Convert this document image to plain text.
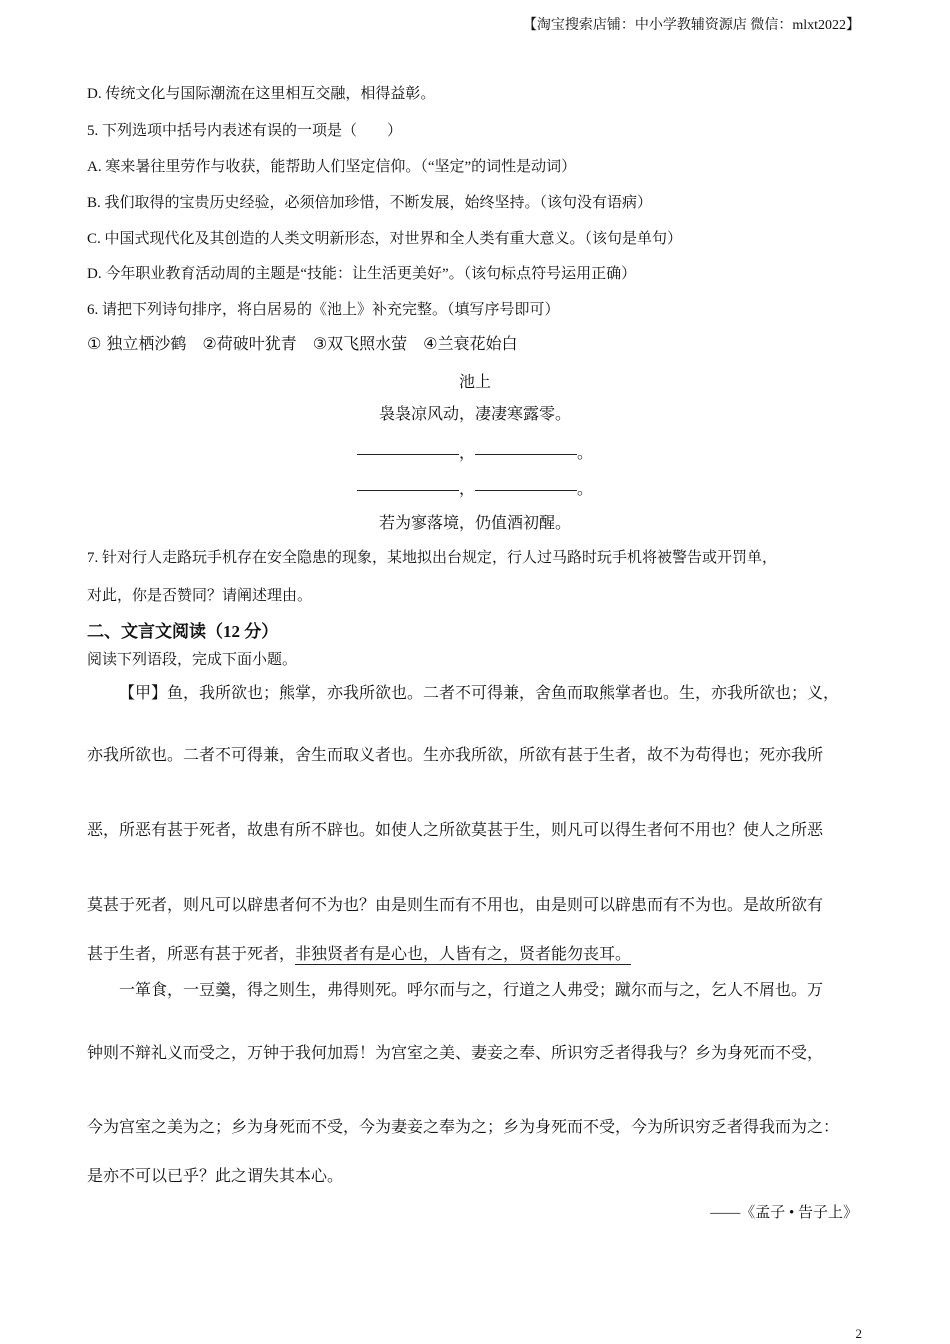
【淘宝搜索店铺：中小学教辅资源店 微信：mlxt2022】
D. 传统文化与国际潮流在这里相互交融，相得益彰。
5. 下列选项中括号内表述有误的一项是（　　）
A. 寒来暑往里劳作与收获，能帮助人们坚定信仰。（“坚定”的词性是动词）
B. 我们取得的宝贵历史经验，必须倍加珍惜，不断发展，始终坚持。（该句没有语病）
C. 中国式现代化及其创造的人类文明新形态，对世界和全人类有重大意义。（该句是单句）
D. 今年职业教育活动周的主题是“技能：让生活更美好”。（该句标点符号运用正确）
6. 请把下列诗句排序，将白居易的《池上》补充完整。（填写序号即可）
① 独立栖沙鹤　②荷破叶犹青　③双飞照水萤　④兰衰花始白
池上
袅袅凉风动，凄凄寒露零。
，	。
，	。
若为寥落境，仍值酒初醒。
7. 针对行人走路玩手机存在安全隐患的现象，某地拟出台规定，行人过马路时玩手机将被警告或开罚单，
对此，你是否赞同？请阐述理由。
二、文言文阅读（12 分）
阅读下列语段，完成下面小题。
【甲】鱼，我所欲也；熊掌，亦我所欲也。二者不可得兼，舍鱼而取熊掌者也。生，亦我所欲也；义，
亦我所欲也。二者不可得兼，舍生而取义者也。生亦我所欲，所欲有甚于生者，故不为苟得也；死亦我所
恶，所恶有甚于死者，故患有所不辟也。如使人之所欲莫甚于生，则凡可以得生者何不用也？使人之所恶
莫甚于死者，则凡可以辟患者何不为也？由是则生而有不用也，由是则可以辟患而有不为也。是故所欲有
甚于生者，所恶有甚于死者，非独贤者有是心也，人皆有之，贤者能勿丧耳。
一箪食，一豆羹，得之则生，弗得则死。呼尔而与之，行道之人弗受；蹴尔而与之，乞人不屑也。万
钟则不辩礼义而受之，万钟于我何加焉！为宫室之美、妻妾之奉、所识穷乏者得我与？乡为身死而不受，
今为宫室之美为之；乡为身死而不受，今为妻妾之奉为之；乡为身死而不受，今为所识穷乏者得我而为之：
是亦不可以已乎？此之谓失其本心。
——《孟子 • 告子上》
2
